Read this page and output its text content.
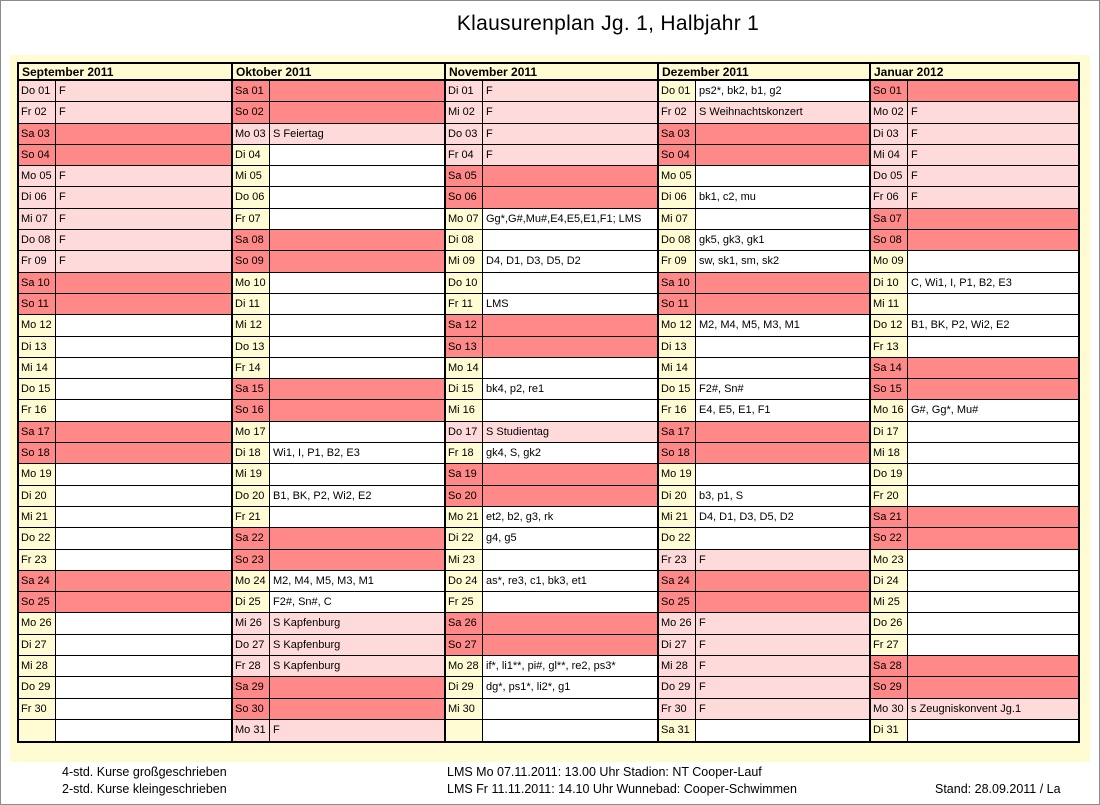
Klausurenplan Jg. 1, Halbjahr 1
September 2011
Do 01 F
Fr 02	F
Sa 03
So 04
Mo 05 F
Di 06	F
Mi 07	F
Do 08 F
Fr 09	F
Sa 10
So 11
Mo 12
Di 13
Mi 14
Do 15
Fr 16
Sa 17
So 18
Mo 19
Di 20
Mi 21
Do 22
Fr 23
Sa 24
So 25
Mo 26
Di 27
Mi 28
Do 29
Fr 30
Oktober 2011
Sa 01
So 02
Mo 03 S Feiertag
Di 04
Mi 05
Do 06
Fr 07
Sa 08
So 09
Mo 10
Di 11
Mi 12
Do 13
Fr 14
Sa 15
So 16
Mo 17
Di 18	Wi1, I, P1, B2, E3
Mi 19
Do 20 B1, BK, P2, Wi2, E2
Fr 21
Sa 22
So 23
Mo 24 M2, M4, M5, M3, M1
Di 25	F2#, Sn#, C
Mi 26	S Kapfenburg
Do 27 S Kapfenburg
Fr 28	S Kapfenburg
Sa 29
So 30
Mo 31 F
November 2011
Di 01	F
Mi 02	F
Do 03 F
Fr 04	F
Sa 05
So 06
Mo 07 Gg*,G#,Mu#,E4,E5,E1,F1; LMS
Di 08
Mi 09	D4, D1, D3, D5, D2
Do 10
Fr 11	LMS
Sa 12
So 13
Mo 14
Di 15	bk4, p2, re1
Mi 16
Do 17 S Studientag
Fr 18	gk4, S, gk2
Sa 19
So 20
Mo 21 et2, b2, g3, rk
Di 22	g4, g5
Mi 23
Do 24 as*, re3, c1, bk3, et1
Fr 25
Sa 26
So 27
Mo 28 if*, li1**, pi#, gl**, re2, ps3*
Di 29	dg*, ps1*, li2*, g1
Mi 30
Dezember 2011
Do 01 ps2*, bk2, b1, g2
Fr 02	S Weihnachtskonzert
Sa 03
So 04
Mo 05
Di 06	bk1, c2, mu
Mi 07
Do 08 gk5, gk3, gk1
Fr 09	sw, sk1, sm, sk2
Sa 10
So 11
Mo 12 M2, M4, M5, M3, M1
Di 13
Mi 14
Do 15 F2#, Sn#
Fr 16	E4, E5, E1, F1
Sa 17
So 18
Mo 19
Di 20	b3, p1, S
Mi 21	D4, D1, D3, D5, D2
Do 22
Fr 23	F
Sa 24
So 25
Mo 26 F
Di 27	F
Mi 28	F
Do 29 F
Fr 30	F
Sa 31
Januar 2012
So 01
Mo 02 F
Di 03	F
Mi 04	F
Do 05 F
Fr 06	F
Sa 07
So 08
Mo 09
Di 10	C, Wi1, I, P1, B2, E3
Mi 11
Do 12 B1, BK, P2, Wi2, E2
Fr 13
Sa 14
So 15
Mo 16 G#, Gg*, Mu#
Di 17
Mi 18
Do 19
Fr 20
Sa 21
So 22
Mo 23
Di 24
Mi 25
Do 26
Fr 27
Sa 28
So 29
Mo 30 s Zeugniskonvent Jg.1
Di 31
4-std. Kurse großgeschrieben
2-std. Kurse kleingeschrieben
LMS Mo 07.11.2011: 13.00 Uhr Stadion: NT Cooper-Lauf
LMS Fr 11.11.2011: 14.10 Uhr Wunnebad: Cooper-Schwimmen	Stand: 28.09.2011 / La
